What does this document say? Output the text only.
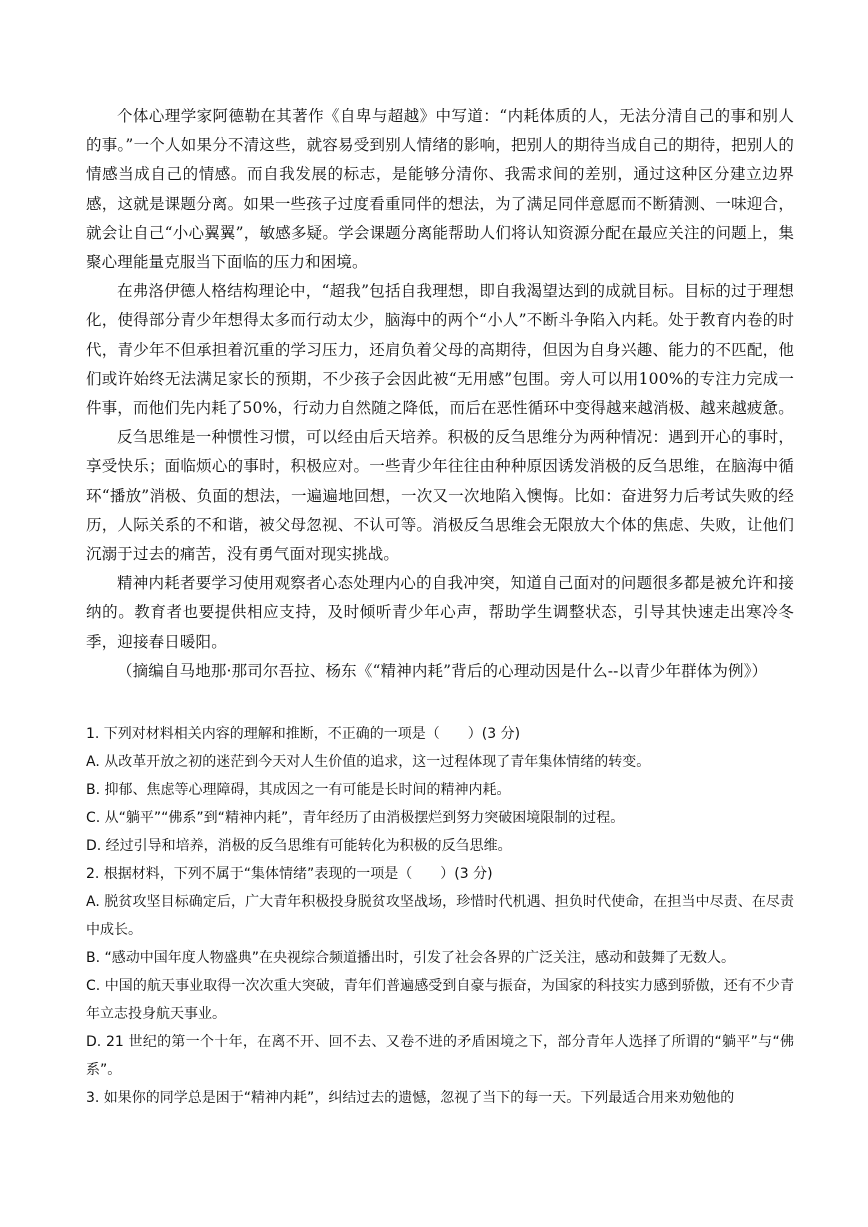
个体心理学家阿德勒在其著作《自卑与超越》中写道：“内耗体质的人，无法分清自己的事和别人的事。”一个人如果分不清这些，就容易受到别人情绪的影响，把别人的期待当成自己的期待，把别人的情感当成自己的情感。而自我发展的标志，是能够分清你、我需求间的差别，通过这种区分建立边界感，这就是课题分离。如果一些孩子过度看重同伴的想法，为了满足同伴意愿而不断猜测、一味迎合，就会让自己“小心翼翼”，敏感多疑。学会课题分离能帮助人们将认知资源分配在最应关注的问题上，集聚心理能量克服当下面临的压力和困境。

在弗洛伊德人格结构理论中，“超我”包括自我理想，即自我渴望达到的成就目标。目标的过于理想化，使得部分青少年想得太多而行动太少，脑海中的两个“小人”不断斗争陷入内耗。处于教育内卷的时代，青少年不但承担着沉重的学习压力，还肩负着父母的高期待，但因为自身兴趣、能力的不匹配，他们或许始终无法满足家长的预期，不少孩子会因此被“无用感”包围。旁人可以用100%的专注力完成一件事，而他们先内耗了50%，行动力自然随之降低，而后在恶性循环中变得越来越消极、越来越疲惫。

反刍思维是一种惯性习惯，可以经由后天培养。积极的反刍思维分为两种情况：遇到开心的事时，享受快乐；面临烦心的事时，积极应对。一些青少年往往由种种原因诱发消极的反刍思维，在脑海中循环“播放”消极、负面的想法，一遍遍地回想，一次又一次地陷入懊悔。比如：奋进努力后考试失败的经历，人际关系的不和谐，被父母忽视、不认可等。消极反刍思维会无限放大个体的焦虑、失败，让他们沉溺于过去的痛苦，没有勇气面对现实挑战。

精神内耗者要学习使用观察者心态处理内心的自我冲突，知道自己面对的问题很多都是被允许和接纳的。教育者也要提供相应支持，及时倾听青少年心声，帮助学生调整状态，引导其快速走出寒冷冬季，迎接春日暖阳。

（摘编自马地那·那司尔吾拉、杨东《“精神内耗”背后的心理动因是什么--以青少年群体为例》）

1. 下列对材料相关内容的理解和推断，不正确的一项是（　　）(3 分)

A. 从改革开放之初的迷茫到今天对人生价值的追求，这一过程体现了青年集体情绪的转变。

B. 抑郁、焦虑等心理障碍，其成因之一有可能是长时间的精神内耗。

C. 从“躺平”“佛系”到“精神内耗”，青年经历了由消极摆烂到努力突破困境限制的过程。

D. 经过引导和培养，消极的反刍思维有可能转化为积极的反刍思维。

2. 根据材料，下列不属于“集体情绪”表现的一项是（　　）(3 分)

A. 脱贫攻坚目标确定后，广大青年积极投身脱贫攻坚战场，珍惜时代机遇、担负时代使命，在担当中尽责、在尽责中成长。

B. “感动中国年度人物盛典”在央视综合频道播出时，引发了社会各界的广泛关注，感动和鼓舞了无数人。

C. 中国的航天事业取得一次次重大突破，青年们普遍感受到自豪与振奋，为国家的科技实力感到骄傲，还有不少青年立志投身航天事业。

D. 21 世纪的第一个十年，在离不开、回不去、又卷不进的矛盾困境之下，部分青年人选择了所谓的“躺平”与“佛系”。

3. 如果你的同学总是困于“精神内耗”，纠结过去的遗憾，忽视了当下的每一天。下列最适合用来劝勉他的
